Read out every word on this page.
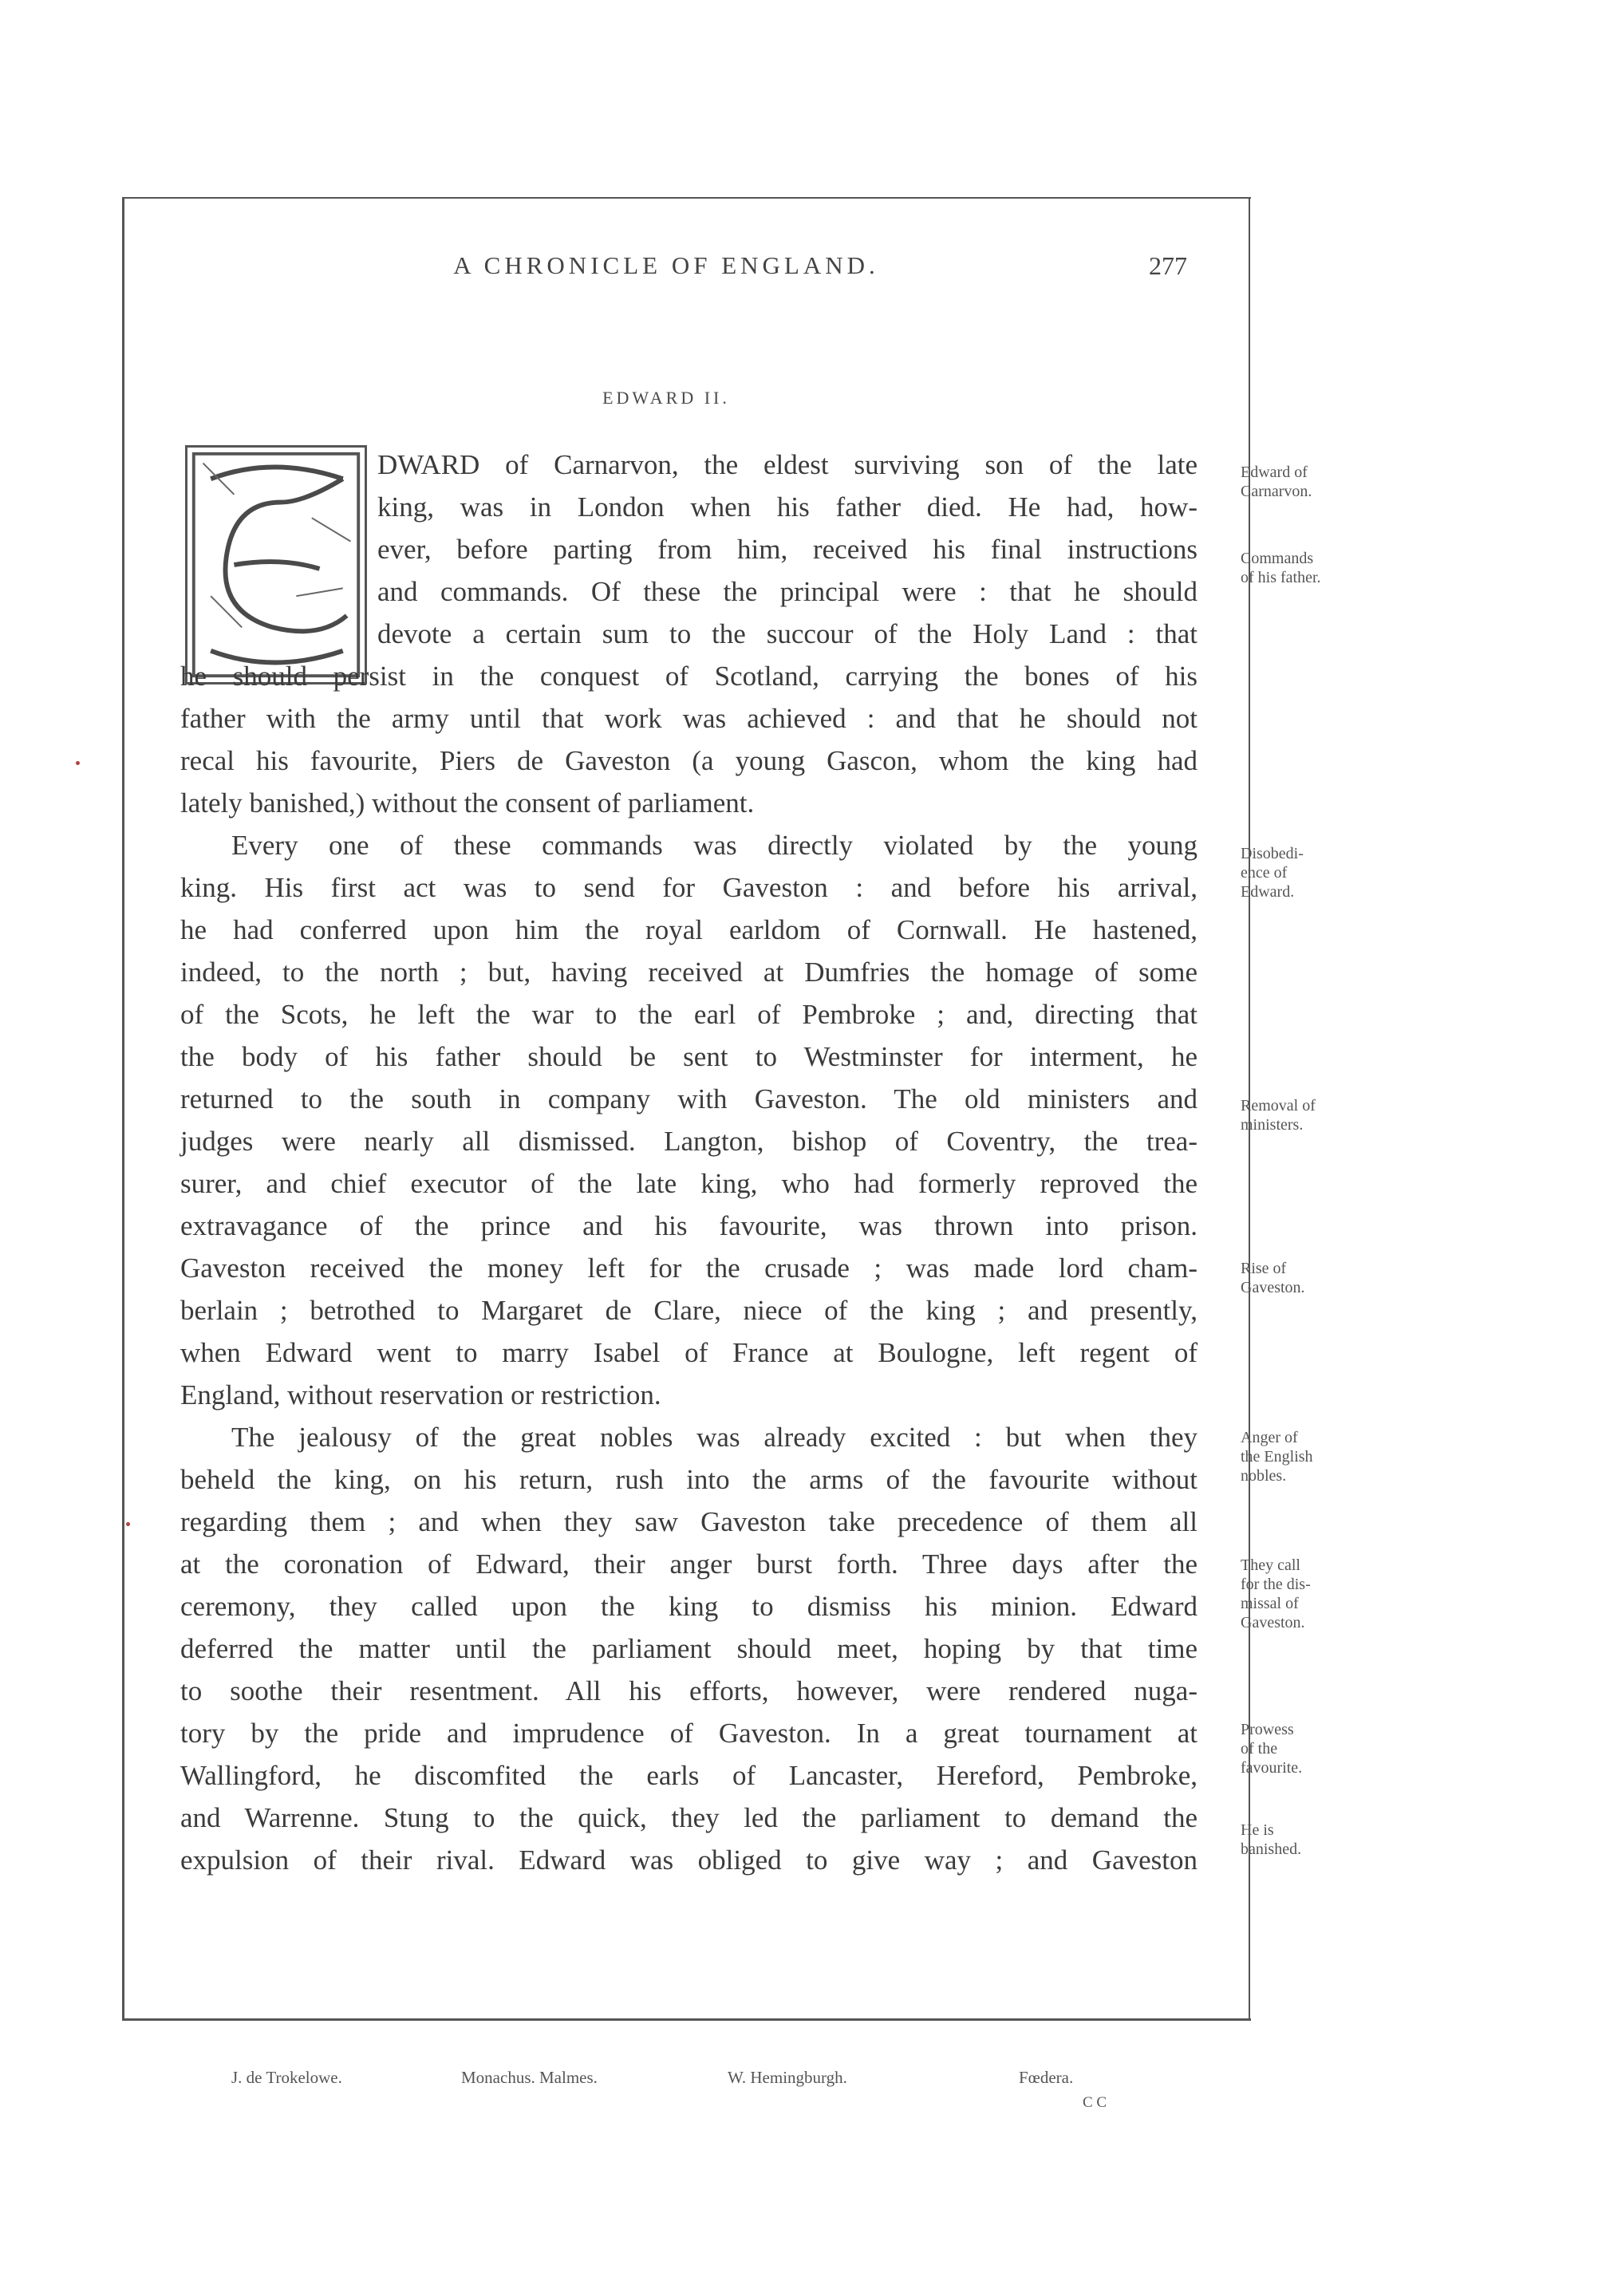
A CHRONICLE OF ENGLAND.	277
EDWARD II.
DWARD of Carnarvon, the eldest surviving son of the late
king, was in London when his father died. He had, how-
ever, before parting from him, received his final instructions
and commands. Of these the principal were : that he should
devote a certain sum to the succour of the Holy Land : that
he should persist in the conquest of Scotland, carrying the bones of his
father with the army until that work was achieved : and that he should not
recal his favourite, Piers de Gaveston (a young Gascon, whom the king had
lately banished,) without the consent of parliament.
Every one of these commands was directly violated by the young
king. His first act was to send for Gaveston : and before his arrival,
he had conferred upon him the royal earldom of Cornwall. He hastened,
indeed, to the north ; but, having received at Dumfries the homage of some
of the Scots, he left the war to the earl of Pembroke ; and, directing that
the body of his father should be sent to Westminster for interment, he
returned to the south in company with Gaveston. The old ministers and
judges were nearly all dismissed. Langton, bishop of Coventry, the trea-
surer, and chief executor of the late king, who had formerly reproved the
extravagance of the prince and his favourite, was thrown into prison.
Gaveston received the money left for the crusade ; was made lord cham-
berlain ; betrothed to Margaret de Clare, niece of the king ; and presently,
when Edward went to marry Isabel of France at Boulogne, left regent of
England, without reservation or restriction.
The jealousy of the great nobles was already excited : but when they
beheld the king, on his return, rush into the arms of the favourite without
regarding them ; and when they saw Gaveston take precedence of them all
at the coronation of Edward, their anger burst forth. Three days after the
ceremony, they called upon the king to dismiss his minion. Edward
deferred the matter until the parliament should meet, hoping by that time
to soothe their resentment. All his efforts, however, were rendered nuga-
tory by the pride and imprudence of Gaveston. In a great tournament at
Wallingford, he discomfited the earls of Lancaster, Hereford, Pembroke,
and Warrenne. Stung to the quick, they led the parliament to demand the
expulsion of their rival. Edward was obliged to give way ; and Gaveston
Edward of
Carnarvon.
Commands
of his father.
Disobedi-
ence of
Edward.
Removal of
ministers.
Rise of
Gaveston.
Anger of
the English
nobles.
They call
for the dis-
missal of
Gaveston.
Prowess
of the
favourite.
He is
banished.
J. de Trokelowe.	Monachus. Malmes.	W. Hemingburgh.	Fœdera.
C C
